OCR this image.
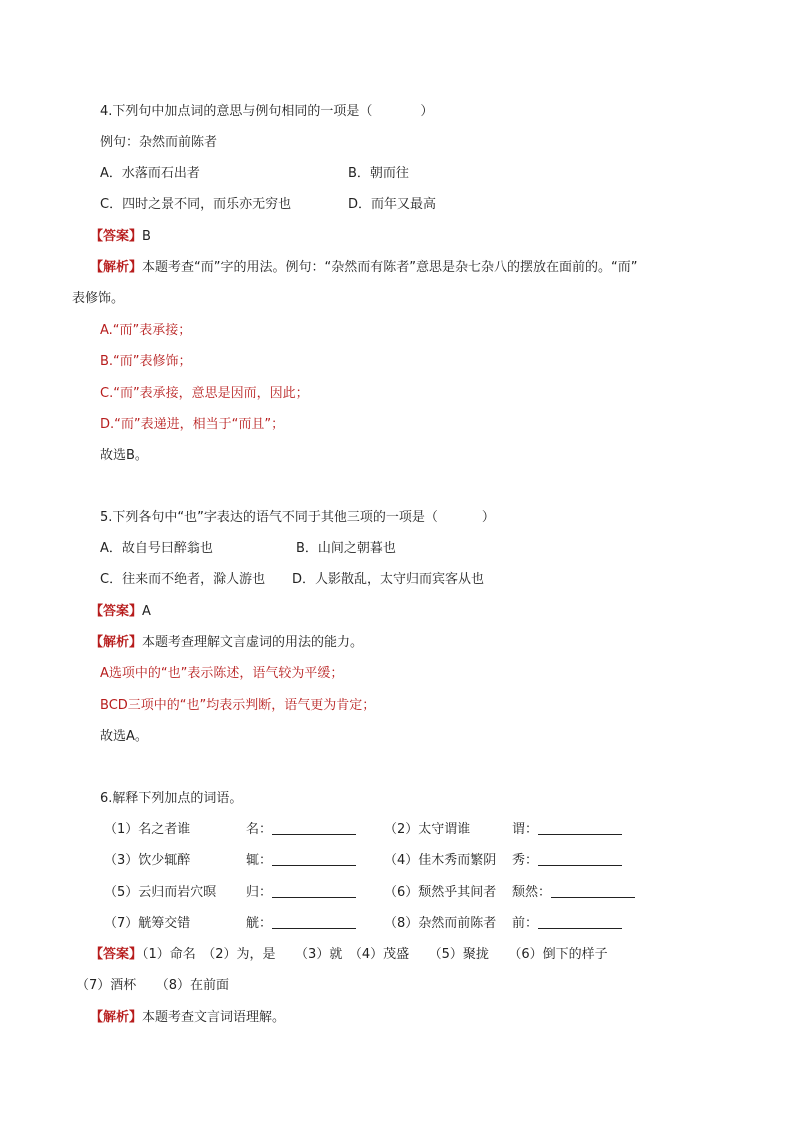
4.下列句中加点词的意思与例句相同的一项是（	）
例句：杂然而前陈者
A．水落而石出者	B．朝而往
C．四时之景不同，而乐亦无穷也	D．而年又最高
【答案】B
【解析】本题考查“而”字的用法。例句：“杂然而有陈者”意思是杂七杂八的摆放在面前的。“而”
表修饰。
A.“而”表承接；
B.“而”表修饰；
C.“而”表承接，意思是因而，因此；
D.“而”表递进，相当于“而且”；
故选B。
5.下列各句中“也”字表达的语气不同于其他三项的一项是（	）
A．故自号曰醉翁也	B．山间之朝暮也
C．往来而不绝者，滁人游也 D．人影散乱，太守归而宾客从也
【答案】A
【解析】本题考查理解文言虚词的用法的能力。
A选项中的“也”表示陈述，语气较为平缓；
BCD三项中的“也”均表示判断，语气更为肯定；
故选A。
6.解释下列加点的词语。
（1）名之者谁	名：	（2）太守谓谁	谓：
（3）饮少辄醉	辄：	（4）佳木秀而繁阴 秀：
（5）云归而岩穴暝 归：	（6）颓然乎其间者 颓然：
（7）觥筹交错	觥：	（8）杂然而前陈者 前：
【答案】（1）命名　（2）为，是　　（3）就　（4）茂盛　　（5）聚拢　　（6）倒下的样子
（7）酒杯　　（8）在前面
【解析】本题考查文言词语理解。
